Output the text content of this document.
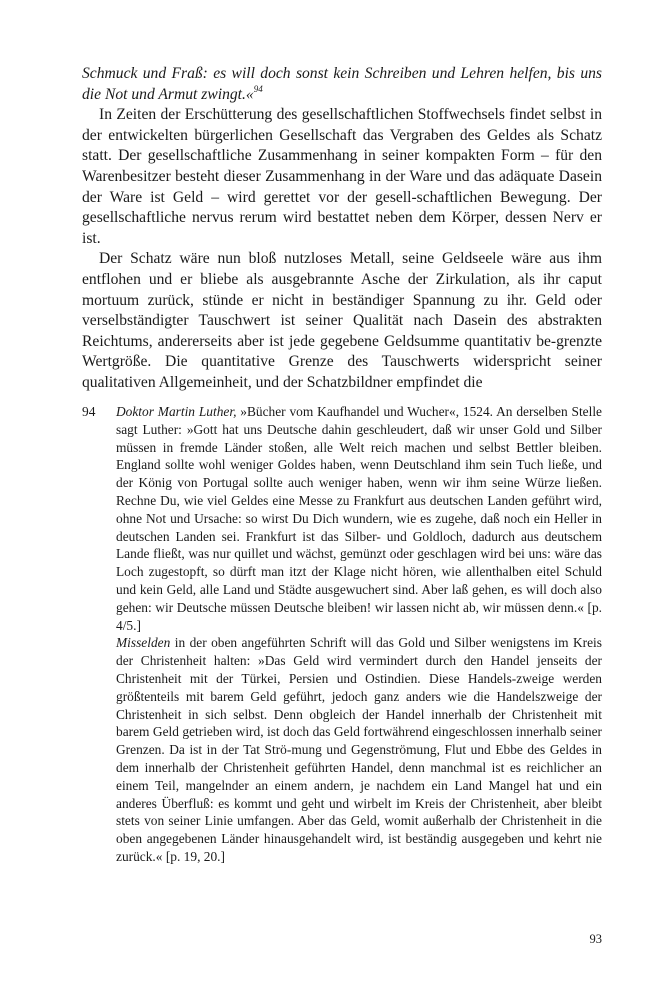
Schmuck und Fraß: es will doch sonst kein Schreiben und Lehren helfen, bis uns die Not und Armut zwingt.«$^{94}$

In Zeiten der Erschütterung des gesellschaftlichen Stoffwechsels findet selbst in der entwickelten bürgerlichen Gesellschaft das Vergraben des Geldes als Schatz statt. Der gesellschaftliche Zusammenhang in seiner kompakten Form – für den Warenbesitzer besteht dieser Zusammenhang in der Ware und das adäquate Dasein der Ware ist Geld – wird gerettet vor der gesell-schaftlichen Bewegung. Der gesellschaftliche nervus rerum wird bestattet neben dem Körper, dessen Nerv er ist.

Der Schatz wäre nun bloß nutzloses Metall, seine Geldseele wäre aus ihm entflohen und er bliebe als ausgebrannte Asche der Zirkulation, als ihr caput mortuum zurück, stünde er nicht in beständiger Spannung zu ihr. Geld oder verselbständigter Tauschwert ist seiner Qualität nach Dasein des abstrakten Reichtums, andererseits aber ist jede gegebene Geldsumme quantitativ be-grenzte Wertgröße. Die quantitative Grenze des Tauschwerts widerspricht seiner qualitativen Allgemeinheit, und der Schatzbildner empfindet die

94 Doktor Martin Luther, »Bücher vom Kaufhandel und Wucher«, 1524. An derselben Stelle sagt Luther: »Gott hat uns Deutsche dahin geschleudert, daß wir unser Gold und Silber müssen in fremde Länder stoßen, alle Welt reich machen und selbst Bettler bleiben. England sollte wohl weniger Goldes haben, wenn Deutschland ihm sein Tuch ließe, und der König von Portugal sollte auch weniger haben, wenn wir ihm seine Würze ließen. Rechne Du, wie viel Geldes eine Messe zu Frankfurt aus deutschen Landen geführt wird, ohne Not und Ursache: so wirst Du Dich wundern, wie es zugehe, daß noch ein Heller in deutschen Landen sei. Frankfurt ist das Silber- und Goldloch, dadurch aus deutschem Lande fließt, was nur quillet und wächst, gemünzt oder geschlagen wird bei uns: wäre das Loch zugestopft, so dürft man itzt der Klage nicht hören, wie allenthalben eitel Schuld und kein Geld, alle Land und Städte ausgewuchert sind. Aber laß gehen, es will doch also gehen: wir Deutsche müssen Deutsche bleiben! wir lassen nicht ab, wir müssen denn.« [p. 4/5.]

Misselden in der oben angeführten Schrift will das Gold und Silber wenigstens im Kreis der Christenheit halten: »Das Geld wird vermindert durch den Handel jenseits der Christenheit mit der Türkei, Persien und Ostindien. Diese Handels-zweige werden größtenteils mit barem Geld geführt, jedoch ganz anders wie die Handelszweige der Christenheit in sich selbst. Denn obgleich der Handel innerhalb der Christenheit mit barem Geld getrieben wird, ist doch das Geld fortwährend eingeschlossen innerhalb seiner Grenzen. Da ist in der Tat Strö-mung und Gegenströmung, Flut und Ebbe des Geldes in dem innerhalb der Christenheit geführten Handel, denn manchmal ist es reichlicher an einem Teil, mangelnder an einem andern, je nachdem ein Land Mangel hat und ein anderes Überfluß: es kommt und geht und wirbelt im Kreis der Christenheit, aber bleibt stets von seiner Linie umfangen. Aber das Geld, womit außerhalb der Christenheit in die oben angegebenen Länder hinausgehandelt wird, ist beständig ausgegeben und kehrt nie zurück.« [p. 19, 20.]

93
